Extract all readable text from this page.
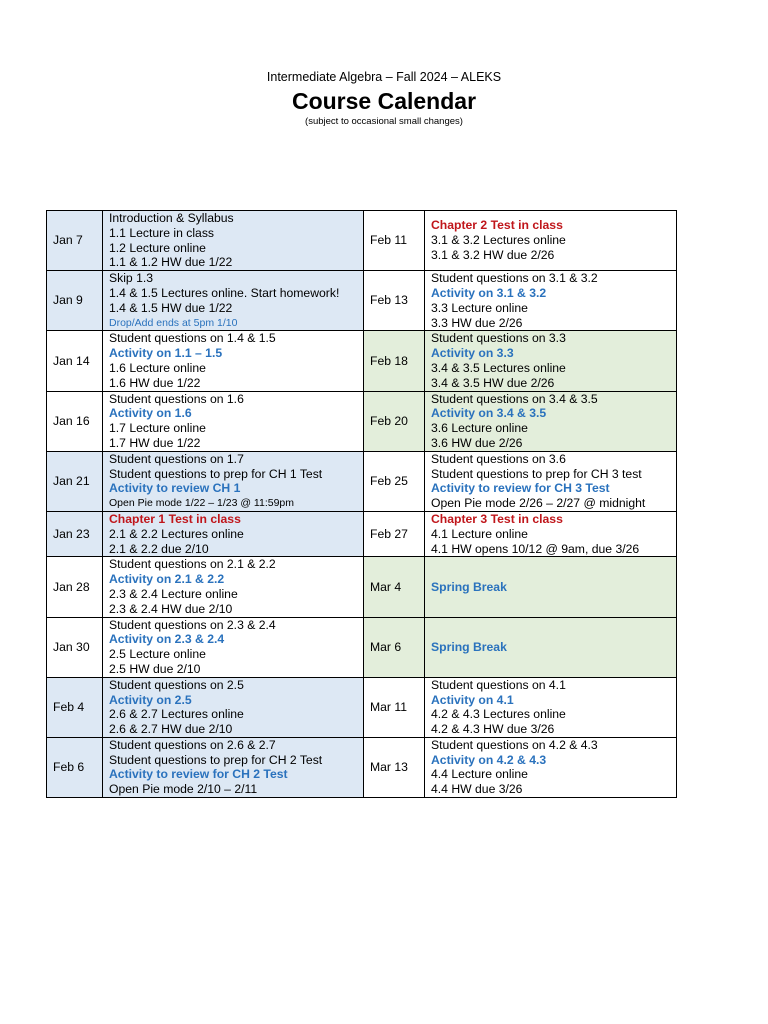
Intermediate Algebra – Fall 2024 – ALEKS
Course Calendar
(subject to occasional small changes)
Jan 7	Introduction & Syllabus
1.1 Lecture in class
1.2 Lecture online
1.1 & 1.2 HW due 1/22	Feb 11	Chapter 2 Test in class
3.1 & 3.2 Lectures online
3.1 & 3.2 HW due 2/26

Jan 9	Skip 1.3
1.4 & 1.5 Lectures online. Start homework!
1.4 & 1.5 HW due 1/22
Drop/Add ends at 5pm 1/10	Feb 13	Student questions on 3.1 & 3.2
Activity on 3.1 & 3.2
3.3 Lecture online
3.3 HW due 2/26

Jan 14	Student questions on 1.4 & 1.5
Activity on 1.1 – 1.5
1.6 Lecture online
1.6 HW due 1/22	Feb 18	Student questions on 3.3
Activity on 3.3
3.4 & 3.5 Lectures online
3.4 & 3.5 HW due 2/26

Jan 16	Student questions on 1.6
Activity on 1.6
1.7 Lecture online
1.7 HW due 1/22	Feb 20	Student questions on 3.4 & 3.5
Activity on 3.4 & 3.5
3.6 Lecture online
3.6 HW due 2/26

Jan 21	Student questions on 1.7
Student questions to prep for CH 1 Test
Activity to review CH 1
Open Pie mode 1/22 – 1/23 @ 11:59pm	Feb 25	Student questions on 3.6
Student questions to prep for CH 3 test
Activity to review for CH 3 Test
Open Pie mode 2/26 – 2/27 @ midnight

Jan 23	Chapter 1 Test in class
2.1 & 2.2 Lectures online
2.1 & 2.2 due 2/10	Feb 27	Chapter 3 Test in class
4.1 Lecture online
4.1 HW opens 10/12 @ 9am, due 3/26

Jan 28	Student questions on 2.1 & 2.2
Activity on 2.1 & 2.2
2.3 & 2.4 Lecture online
2.3 & 2.4 HW due 2/10	Mar 4	Spring Break

Jan 30	Student questions on 2.3 & 2.4
Activity on 2.3 & 2.4
2.5 Lecture online
2.5 HW due 2/10	Mar 6	Spring Break

Feb 4	Student questions on 2.5
Activity on 2.5
2.6 & 2.7 Lectures online
2.6 & 2.7 HW due 2/10	Mar 11	Student questions on 4.1
Activity on 4.1
4.2 & 4.3 Lectures online
4.2 & 4.3 HW due 3/26

Feb 6	Student questions on 2.6 & 2.7
Student questions to prep for CH 2 Test
Activity to review for CH 2 Test
Open Pie mode 2/10 – 2/11	Mar 13	Student questions on 4.2 & 4.3
Activity on 4.2 & 4.3
4.4 Lecture online
4.4 HW due 3/26
